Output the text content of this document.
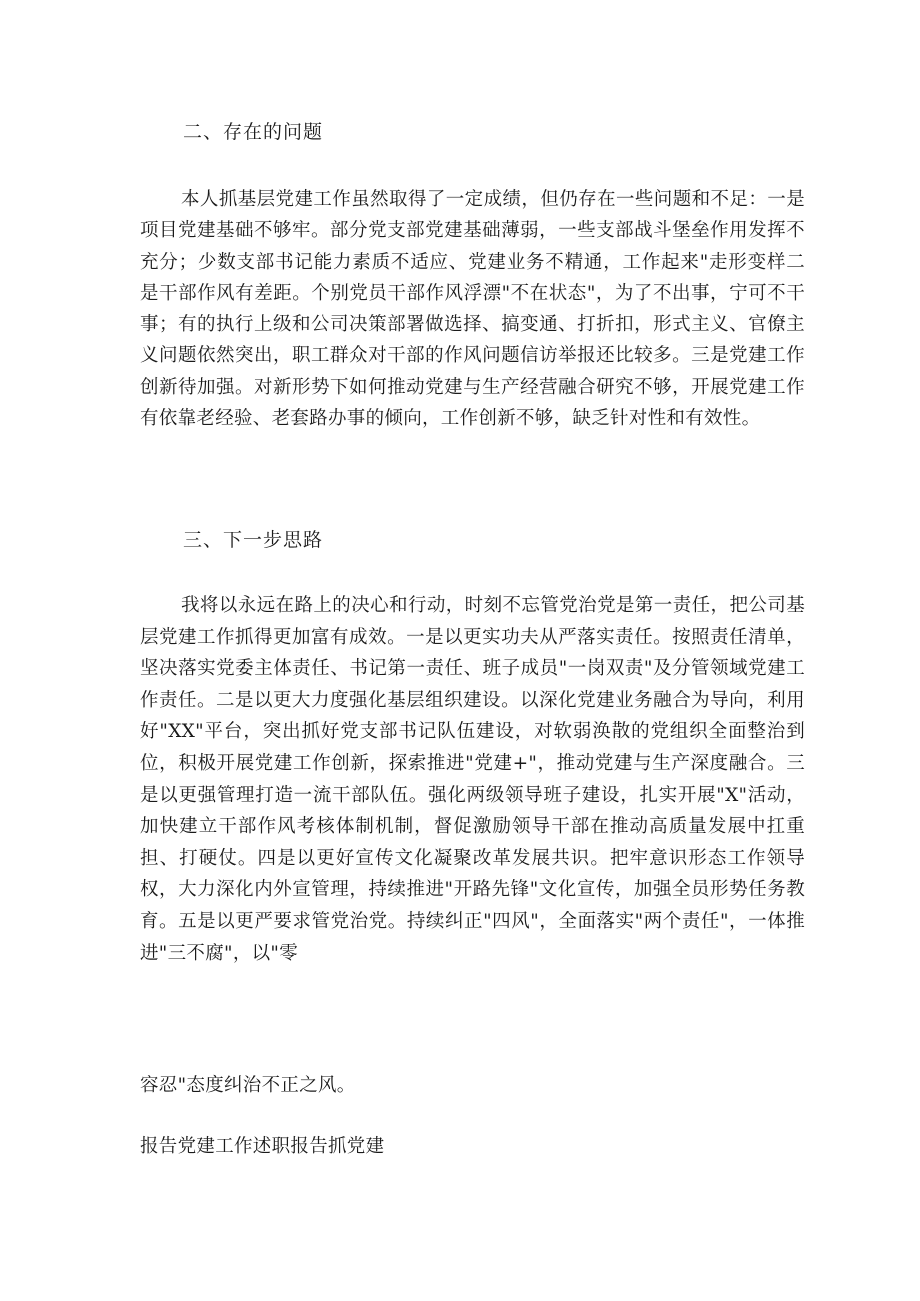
二、存在的问题

本人抓基层党建工作虽然取得了一定成绩，但仍存在一些问题和不足：一是项目党建基础不够牢。部分党支部党建基础薄弱，一些支部战斗堡垒作用发挥不充分；少数支部书记能力素质不适应、党建业务不精通，工作起来"走形变样二是干部作风有差距。个别党员干部作风浮漂"不在状态"，为了不出事，宁可不干事；有的执行上级和公司决策部署做选择、搞变通、打折扣，形式主义、官僚主义问题依然突出，职工群众对干部的作风问题信访举报还比较多。三是党建工作创新待加强。对新形势下如何推动党建与生产经营融合研究不够，开展党建工作有依靠老经验、老套路办事的倾向，工作创新不够，缺乏针对性和有效性。

三、下一步思路

我将以永远在路上的决心和行动，时刻不忘管党治党是第一责任，把公司基层党建工作抓得更加富有成效。一是以更实功夫从严落实责任。按照责任清单，坚决落实党委主体责任、书记第一责任、班子成员"一岗双责"及分管领域党建工作责任。二是以更大力度强化基层组织建设。以深化党建业务融合为导向，利用好"XX"平台，突出抓好党支部书记队伍建设，对软弱涣散的党组织全面整治到位，积极开展党建工作创新，探索推进"党建+"，推动党建与生产深度融合。三是以更强管理打造一流干部队伍。强化两级领导班子建设，扎实开展"X"活动，加快建立干部作风考核体制机制，督促激励领导干部在推动高质量发展中扛重担、打硬仗。四是以更好宣传文化凝聚改革发展共识。把牢意识形态工作领导权，大力深化内外宣管理，持续推进"开路先锋"文化宣传，加强全员形势任务教育。五是以更严要求管党治党。持续纠正"四风"，全面落实"两个责任"，一体推进"三不腐"，以"零

容忍"态度纠治不正之风。

报告党建工作述职报告抓党建
